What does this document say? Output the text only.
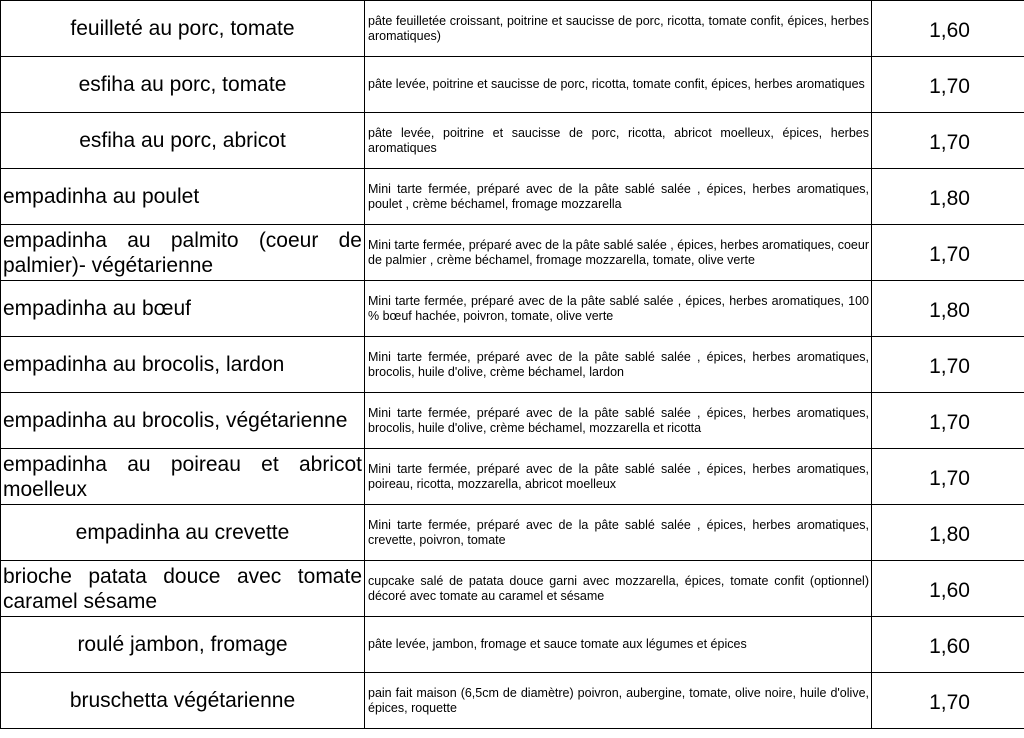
feuilleté au porc, tomate	pâte feuilletée croissant, poitrine et saucisse de porc, ricotta, tomate confit, épices, herbes aromatiques)	1,60

esfiha au porc, tomate	pâte levée, poitrine et saucisse de porc, ricotta, tomate confit, épices, herbes aromatiques	1,70

esfiha au porc, abricot	pâte levée, poitrine et saucisse de porc, ricotta, abricot moelleux, épices, herbes aromatiques	1,70

empadinha au poulet	Mini tarte fermée, préparé avec de la pâte sablé salée , épices, herbes aromatiques, poulet , crème béchamel, fromage mozzarella	1,80

empadinha au palmito (coeur de palmier)- végétarienne	Mini tarte fermée, préparé avec de la pâte sablé salée , épices, herbes aromatiques, coeur de palmier , crème béchamel, fromage mozzarella, tomate, olive verte	1,70

empadinha au bœuf	Mini tarte fermée, préparé avec de la pâte sablé salée , épices, herbes aromatiques, 100 % bœuf hachée, poivron, tomate, olive verte	1,80

empadinha au brocolis, lardon	Mini tarte fermée, préparé avec de la pâte sablé salée , épices, herbes aromatiques, brocolis, huile d'olive, crème béchamel, lardon	1,70

empadinha au brocolis, végétarienne	Mini tarte fermée, préparé avec de la pâte sablé salée , épices, herbes aromatiques, brocolis, huile d'olive, crème béchamel, mozzarella et ricotta	1,70

empadinha au poireau et abricot moelleux	Mini tarte fermée, préparé avec de la pâte sablé salée , épices, herbes aromatiques, poireau, ricotta, mozzarella, abricot moelleux	1,70

empadinha au crevette	Mini tarte fermée, préparé avec de la pâte sablé salée , épices, herbes aromatiques, crevette, poivron, tomate	1,80

brioche patata douce avec tomate caramel sésame	cupcake salé de patata douce garni avec mozzarella, épices, tomate confit (optionnel) décoré avec tomate au caramel et sésame	1,60

roulé jambon, fromage	pâte levée, jambon, fromage et sauce tomate aux légumes et épices	1,60

bruschetta végétarienne	pain fait maison (6,5cm de diamètre) poivron, aubergine, tomate, olive noire, huile d'olive, épices, roquette	1,70
